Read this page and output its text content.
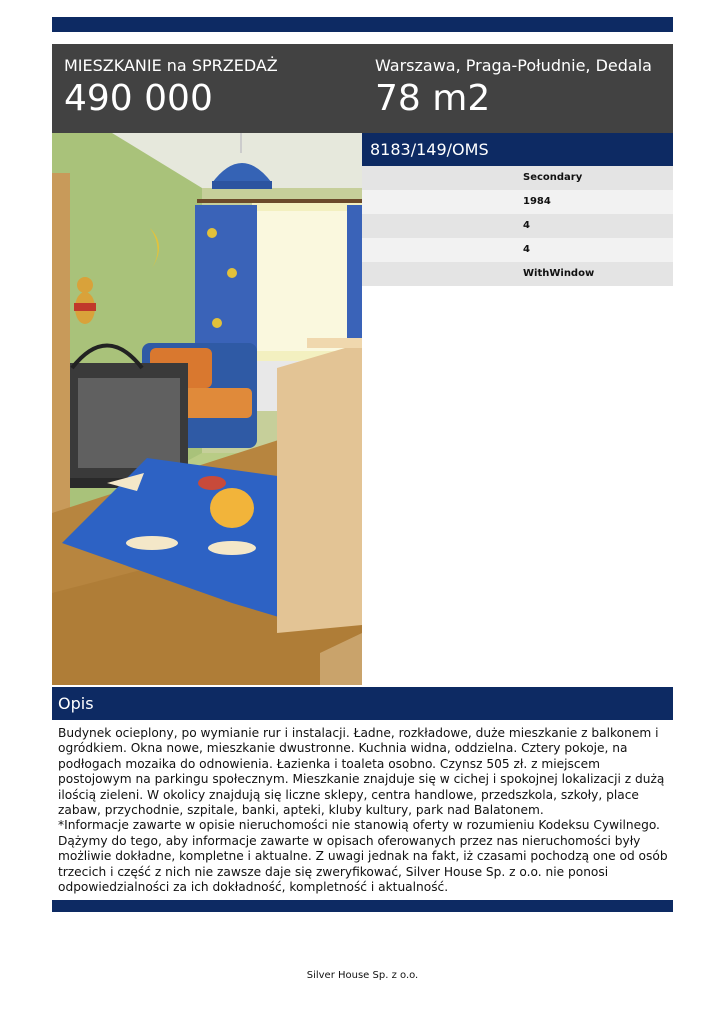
MIESZKANIE na SPRZEDAŻ
490 000
Warszawa, Praga-Południe, Dedala
78 m2
8183/149/OMS
Secondary
1984
4
4
WithWindow
Opis

Budynek ocieplony, po wymianie rur i instalacji. Ładne, rozkładowe, duże mieszkanie z balkonem i ogródkiem. Okna nowe, mieszkanie dwustronne. Kuchnia widna, oddzielna. Cztery pokoje, na podłogach mozaika do odnowienia. Łazienka i toaleta osobno. Czynsz 505 zł. z miejscem postojowym na parkingu społecznym. Mieszkanie znajduje się w cichej i spokojnej lokalizacji z dużą ilością zieleni. W okolicy znajdują się liczne sklepy, centra handlowe, przedszkola, szkoły, place zabaw, przychodnie, szpitale, banki, apteki, kluby kultury, park nad Balatonem.

*Informacje zawarte w opisie nieruchomości nie stanowią oferty w rozumieniu Kodeksu Cywilnego. Dążymy do tego, aby informacje zawarte w opisach oferowanych przez nas nieruchomości były możliwie dokładne, kompletne i aktualne. Z uwagi jednak na fakt, iż czasami pochodzą one od osób trzecich i część z nich nie zawsze daje się zweryfikować, Silver House Sp. z o.o. nie ponosi odpowiedzialności za ich dokładność, kompletność i aktualność.

Silver House Sp. z o.o.
